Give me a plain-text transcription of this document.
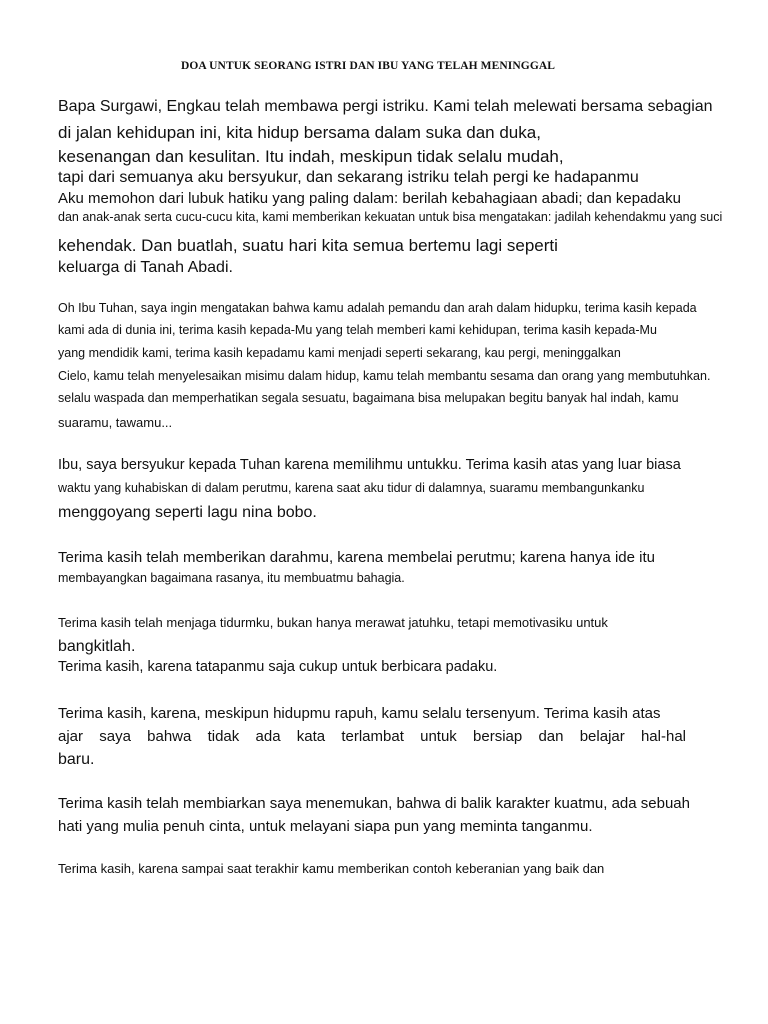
DOA UNTUK SEORANG ISTRI DAN IBU YANG TELAH MENINGGAL
Bapa Surgawi, Engkau telah membawa pergi istriku. Kami telah melewati bersama sebagian
di jalan kehidupan ini, kita hidup bersama dalam suka dan duka,
kesenangan dan kesulitan. Itu indah, meskipun tidak selalu mudah,
tapi dari semuanya aku bersyukur, dan sekarang istriku telah pergi ke hadapanmu
Aku memohon dari lubuk hatiku yang paling dalam: berilah kebahagiaan abadi; dan kepadaku
dan anak-anak serta cucu-cucu kita, kami memberikan kekuatan untuk bisa mengatakan: jadilah kehendakmu yang suci
kehendak. Dan buatlah, suatu hari kita semua bertemu lagi seperti
keluarga di Tanah Abadi.
Oh Ibu Tuhan, saya ingin mengatakan bahwa kamu adalah pemandu dan arah dalam hidupku, terima kasih kepada
kami ada di dunia ini, terima kasih kepada-Mu yang telah memberi kami kehidupan, terima kasih kepada-Mu
yang mendidik kami, terima kasih kepadamu kami menjadi seperti sekarang, kau pergi, meninggalkan
Cielo, kamu telah menyelesaikan misimu dalam hidup, kamu telah membantu sesama dan orang yang membutuhkan.
selalu waspada dan memperhatikan segala sesuatu, bagaimana bisa melupakan begitu banyak hal indah, kamu
suaramu, tawamu...
Ibu, saya bersyukur kepada Tuhan karena memilihmu untukku. Terima kasih atas yang luar biasa
waktu yang kuhabiskan di dalam perutmu, karena saat aku tidur di dalamnya, suaramu membangunkanku
menggoyang seperti lagu nina bobo.
Terima kasih telah memberikan darahmu, karena membelai perutmu; karena hanya ide itu
membayangkan bagaimana rasanya, itu membuatmu bahagia.
Terima kasih telah menjaga tidurmku, bukan hanya merawat jatuhku, tetapi memotivasiku untuk
bangkitlah.
Terima kasih, karena tatapanmu saja cukup untuk berbicara padaku.
Terima kasih, karena, meskipun hidupmu rapuh, kamu selalu tersenyum. Terima kasih atas
ajar saya bahwa tidak ada kata terlambat untuk bersiap dan belajar hal-hal
baru.
Terima kasih telah membiarkan saya menemukan, bahwa di balik karakter kuatmu, ada sebuah
hati yang mulia penuh cinta, untuk melayani siapa pun yang meminta tanganmu.
Terima kasih, karena sampai saat terakhir kamu memberikan contoh keberanian yang baik dan
